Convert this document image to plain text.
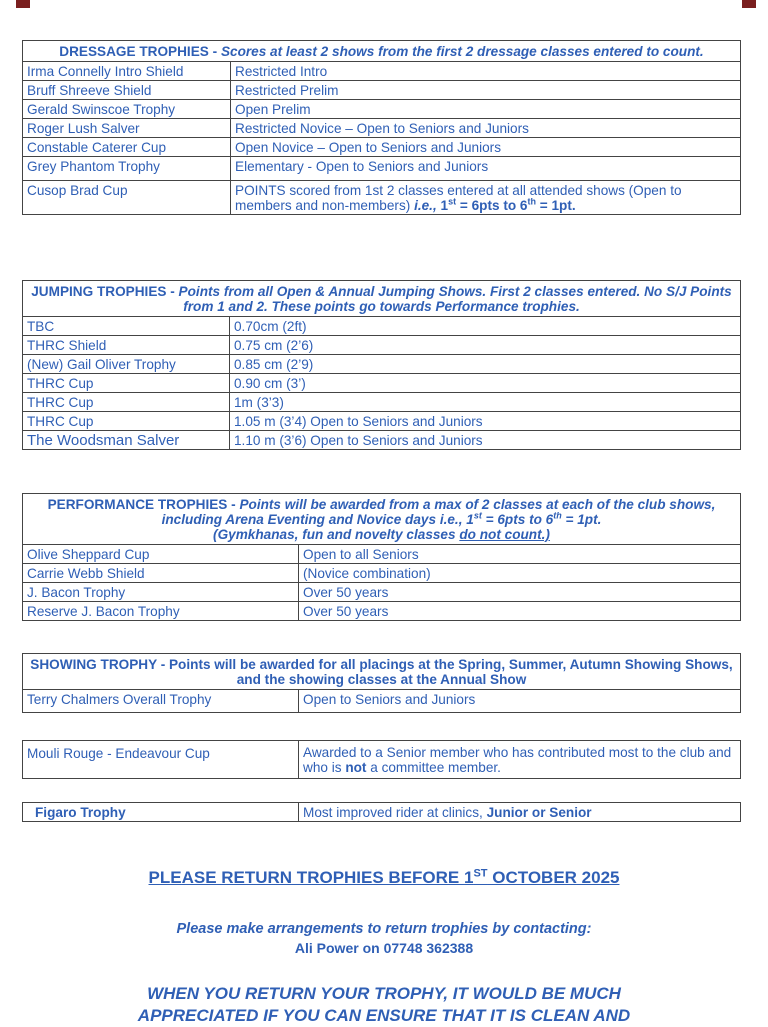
DRESSAGE TROPHIES - Scores at least 2 shows from the first 2 dressage classes entered to count.	
Irma Connelly Intro Shield	Restricted Intro
Bruff Shreeve Shield	Restricted Prelim
Gerald Swinscoe Trophy	Open Prelim
Roger Lush Salver	Restricted Novice – Open to Seniors and Juniors
Constable Caterer Cup	Open Novice – Open to Seniors and Juniors
Grey Phantom Trophy	Elementary - Open to Seniors and Juniors
Cusop Brad Cup	POINTS scored from 1st 2 classes entered at all attended shows (Open to members and non-members) i.e., 1st = 6pts to 6th = 1pt.
JUMPING TROPHIES - Points from all Open & Annual Jumping Shows. First 2 classes entered. No S/J Points from 1 and 2. These points go towards Performance trophies.	
TBC	0.70cm (2ft)
THRC Shield	0.75 cm (2’6)
(New) Gail Oliver Trophy	0.85 cm (2’9)
THRC Cup	0.90 cm (3’)
THRC Cup	1m (3’3)
THRC Cup	1.05 m (3’4) Open to Seniors and Juniors
The Woodsman Salver	1.10 m (3’6) Open to Seniors and Juniors
PERFORMANCE TROPHIES - Points will be awarded from a max of 2 classes at each of the club shows, including Arena Eventing and Novice days i.e., 1st = 6pts to 6th = 1pt.
(Gymkhanas, fun and novelty classes do not count.)	
Olive Sheppard Cup	Open to all Seniors
Carrie Webb Shield	(Novice combination)
J. Bacon Trophy	Over 50 years
Reserve J. Bacon Trophy	Over 50 years
SHOWING TROPHY - Points will be awarded for all placings at the Spring, Summer, Autumn Showing Shows, and the showing classes at the Annual Show
Terry Chalmers Overall Trophy	Open to Seniors and Juniors
Mouli Rouge - Endeavour Cup	Awarded to a Senior member who has contributed most to the club and who is not a committee member.
Figaro Trophy	Most improved rider at clinics, Junior or Senior
PLEASE RETURN TROPHIES BEFORE 1ST OCTOBER 2025
Please make arrangements to return trophies by contacting:
Ali Power on 07748 362388
WHEN YOU RETURN YOUR TROPHY, IT WOULD BE MUCH
APPRECIATED IF YOU CAN ENSURE THAT IT IS CLEAN AND
